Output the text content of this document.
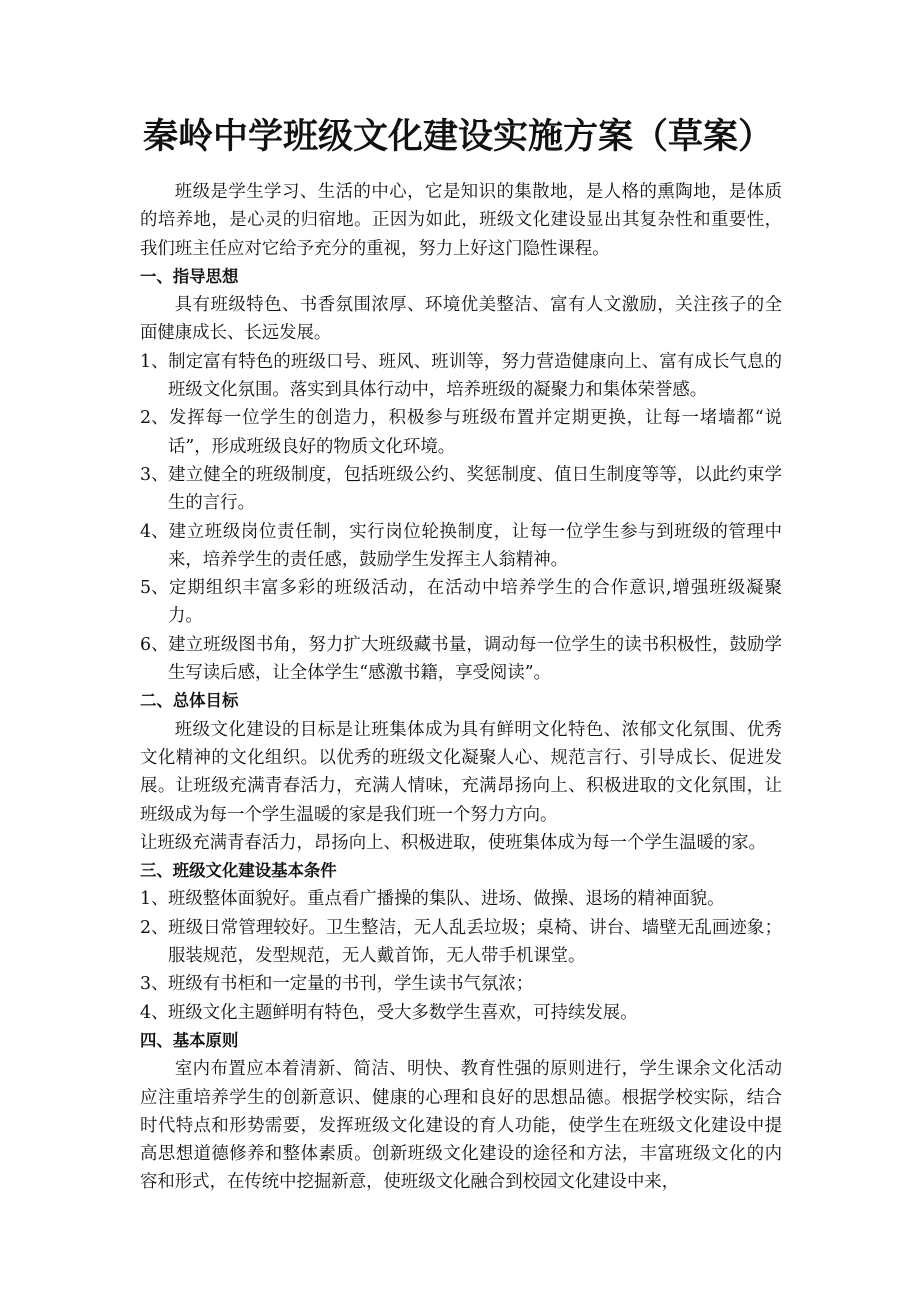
秦岭中学班级文化建设实施方案（草案）

班级是学生学习、生活的中心，它是知识的集散地，是人格的熏陶地，是体质的培养地，是心灵的归宿地。正因为如此，班级文化建设显出其复杂性和重要性，我们班主任应对它给予充分的重视，努力上好这门隐性课程。

一、指导思想

具有班级特色、书香氛围浓厚、环境优美整洁、富有人文激励，关注孩子的全面健康成长、长远发展。

1、制定富有特色的班级口号、班风、班训等，努力营造健康向上、富有成长气息的班级文化氛围。落实到具体行动中，培养班级的凝聚力和集体荣誉感。

2、发挥每一位学生的创造力，积极参与班级布置并定期更换，让每一堵墙都“说话”，形成班级良好的物质文化环境。

3、建立健全的班级制度，包括班级公约、奖惩制度、值日生制度等等，以此约束学生的言行。

4、建立班级岗位责任制，实行岗位轮换制度，让每一位学生参与到班级的管理中来，培养学生的责任感，鼓励学生发挥主人翁精神。

5、定期组织丰富多彩的班级活动，在活动中培养学生的合作意识,增强班级凝聚力。

6、建立班级图书角，努力扩大班级藏书量，调动每一位学生的读书积极性，鼓励学生写读后感，让全体学生“感激书籍，享受阅读”。

二、总体目标

班级文化建设的目标是让班集体成为具有鲜明文化特色、浓郁文化氛围、优秀文化精神的文化组织。以优秀的班级文化凝聚人心、规范言行、引导成长、促进发展。让班级充满青春活力，充满人情味，充满昂扬向上、积极进取的文化氛围，让班级成为每一个学生温暖的家是我们班一个努力方向。

让班级充满青春活力，昂扬向上、积极进取，使班集体成为每一个学生温暖的家。

三、班级文化建设基本条件

1、班级整体面貌好。重点看广播操的集队、进场、做操、退场的精神面貌。

2、班级日常管理较好。卫生整洁，无人乱丢垃圾；桌椅、讲台、墙壁无乱画迹象；服装规范，发型规范，无人戴首饰，无人带手机课堂。

3、班级有书柜和一定量的书刊，学生读书气氛浓；

4、班级文化主题鲜明有特色，受大多数学生喜欢，可持续发展。

四、基本原则

室内布置应本着清新、简洁、明快、教育性强的原则进行，学生课余文化活动应注重培养学生的创新意识、健康的心理和良好的思想品德。根据学校实际，结合时代特点和形势需要，发挥班级文化建设的育人功能，使学生在班级文化建设中提高思想道德修养和整体素质。创新班级文化建设的途径和方法，丰富班级文化的内容和形式，在传统中挖掘新意，使班级文化融合到校园文化建设中来，
